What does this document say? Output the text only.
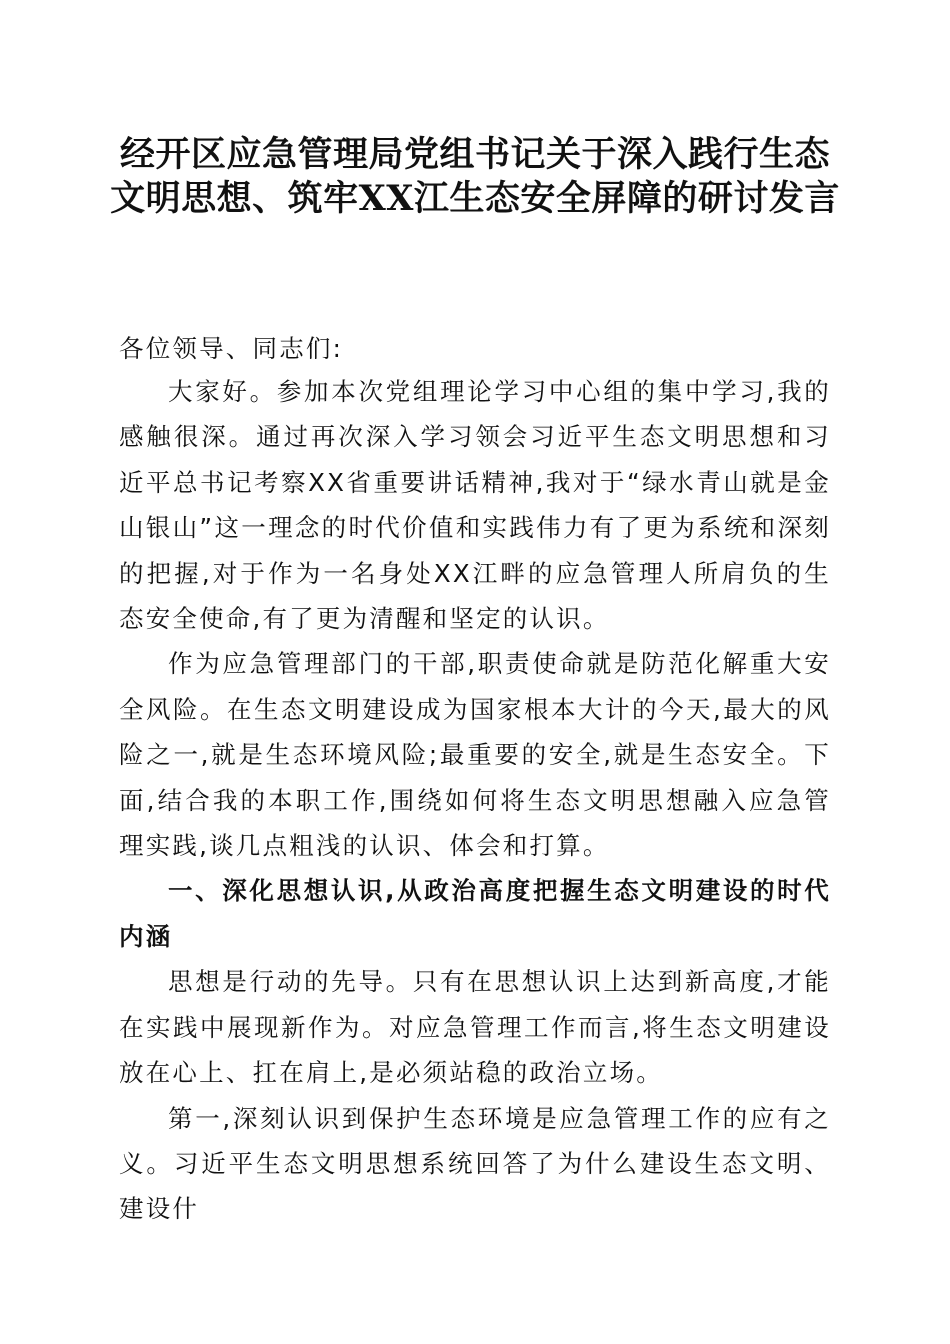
经开区应急管理局党组书记关于深入践行生态文明思想、筑牢XX江生态安全屏障的研讨发言
各位领导、同志们:

大家好。参加本次党组理论学习中心组的集中学习,我的感触很深。通过再次深入学习领会习近平生态文明思想和习近平总书记考察XX省重要讲话精神,我对于“绿水青山就是金山银山”这一理念的时代价值和实践伟力有了更为系统和深刻的把握,对于作为一名身处XX江畔的应急管理人所肩负的生态安全使命,有了更为清醒和坚定的认识。

作为应急管理部门的干部,职责使命就是防范化解重大安全风险。在生态文明建设成为国家根本大计的今天,最大的风险之一,就是生态环境风险;最重要的安全,就是生态安全。下面,结合我的本职工作,围绕如何将生态文明思想融入应急管理实践,谈几点粗浅的认识、体会和打算。

一、深化思想认识,从政治高度把握生态文明建设的时代内涵

思想是行动的先导。只有在思想认识上达到新高度,才能在实践中展现新作为。对应急管理工作而言,将生态文明建设放在心上、扛在肩上,是必须站稳的政治立场。

第一,深刻认识到保护生态环境是应急管理工作的应有之义。习近平生态文明思想系统回答了为什么建设生态文明、建设什
